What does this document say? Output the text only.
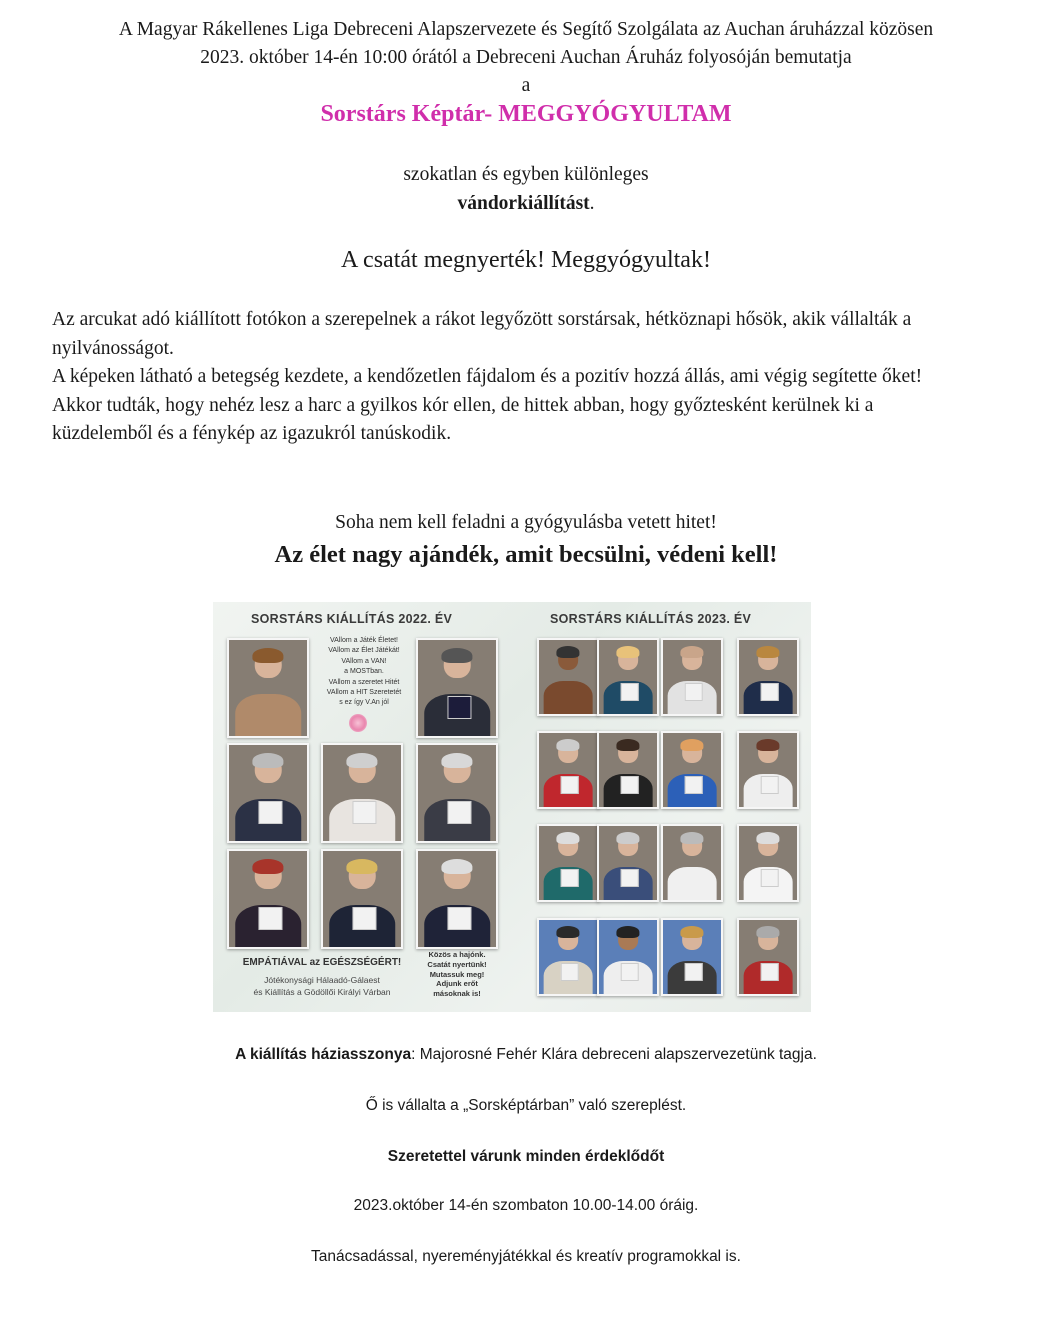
A Magyar Rákellenes Liga Debreceni Alapszervezete és Segítő Szolgálata az Auchan áruházzal közösen
2023. október 14-én 10:00 órától a Debreceni Auchan Áruház folyosóján bemutatja
a
Sorstárs Képtár- MEGGYÓGYULTAM
szokatlan és egyben különleges
vándorkiállítást.
A csatát megnyerték! Meggyógyultak!

Az arcukat adó kiállított fotókon a szerepelnek a rákot legyőzött sorstársak, hétköznapi hősök, akik vállalták a nyilvánosságot.

A képeken látható a betegség kezdete, a kendőzetlen fájdalom és a pozitív hozzá állás, ami végig segítette őket!

Akkor tudták, hogy nehéz lesz a harc a gyilkos kór ellen, de hittek abban, hogy győztesként kerülnek ki a küzdelemből és a fénykép az igazukról tanúskodik.

Soha nem kell feladni a gyógyulásba vetett hitet!
Az élet nagy ajándék, amit becsülni, védeni kell!
SORSTÁRS KIÁLLÍTÁS 2022. ÉV	SORSTÁRS KIÁLLÍTÁS 2023. ÉV
VAllom a Játék Életet!
VAllom az Élet Játékát!
VAllom a VAN!
a MOSTban.
VAllom a szeretet Hitét
VAllom a HIT Szeretetét
s ez így V.An jól
EMPÁTIÁVAL az EGÉSZSÉGÉRT!
Jótékonysági Hálaadó-Gálaest
és Kiállítás a Gödöllői Királyi Várban
Közös a hajónk.
Csatát nyertünk!
Mutassuk meg!
Adjunk erőt
másoknak is!
A kiállítás háziasszonya: Majorosné Fehér Klára debreceni alapszervezetünk tagja.
Ő is vállalta a „Sorsképtárban” való szereplést.
Szeretettel várunk minden érdeklődőt
2023.október 14-én szombaton 10.00-14.00 óráig.
Tanácsadással, nyereményjátékkal és kreatív programokkal is.
